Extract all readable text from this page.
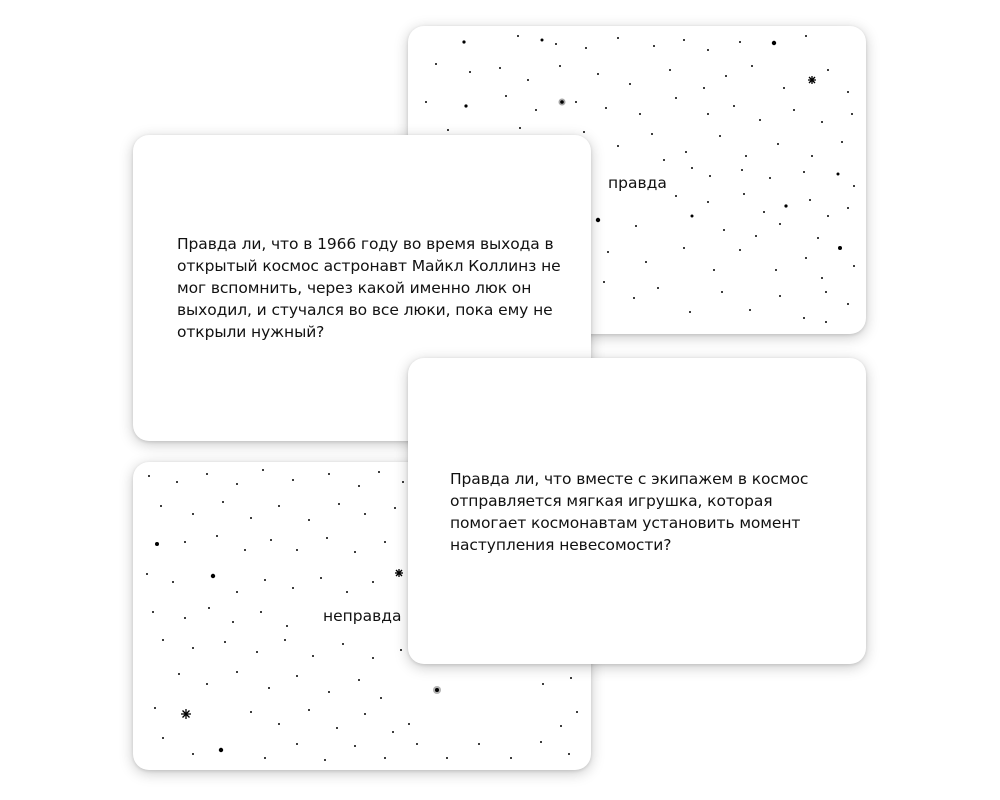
правда
неправда
Правда ли, что в 1966 году во время выхода в открытый космос астронавт Майкл Коллинз не мог вспомнить, через какой именно люк он выходил, и стучался во все люки, пока ему не открыли нужный?
Правда ли, что вместе с экипажем в космос отправляется мягкая игрушка, которая помогает космонавтам установить момент наступления невесомости?
